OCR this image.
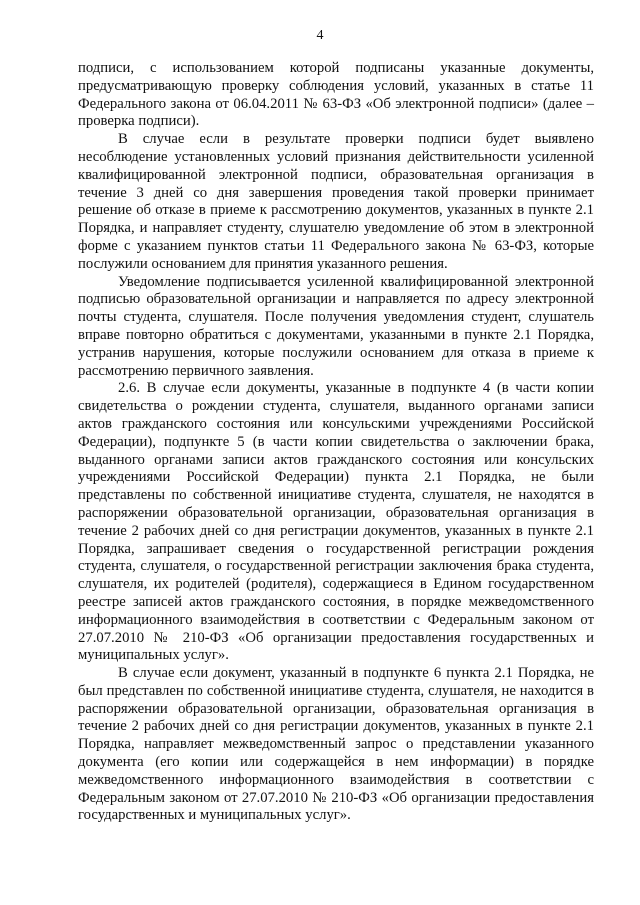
4

подписи, с использованием которой подписаны указанные документы, предусматривающую проверку соблюдения условий, указанных в статье 11 Федерального закона от 06.04.2011 № 63-ФЗ «Об электронной подписи» (далее – проверка подписи).

В случае если в результате проверки подписи будет выявлено несоблюдение установленных условий признания действительности усиленной квалифицированной электронной подписи, образовательная организация в течение 3 дней со дня завершения проведения такой проверки принимает решение об отказе в приеме к рассмотрению документов, указанных в пункте 2.1 Порядка, и направляет студенту, слушателю уведомление об этом в электронной форме с указанием пунктов статьи 11 Федерального закона № 63-ФЗ, которые послужили основанием для принятия указанного решения.

Уведомление подписывается усиленной квалифицированной электронной подписью образовательной организации и направляется по адресу электронной почты студента, слушателя. После получения уведомления студент, слушатель вправе повторно обратиться с документами, указанными в пункте 2.1 Порядка, устранив нарушения, которые послужили основанием для отказа в приеме к рассмотрению первичного заявления.

2.6. В случае если документы, указанные в подпункте 4 (в части копии свидетельства о рождении студента, слушателя, выданного органами записи актов гражданского состояния или консульскими учреждениями Российской Федерации), подпункте 5 (в части копии свидетельства о заключении брака, выданного органами записи актов гражданского состояния или консульских учреждениями Российской Федерации) пункта 2.1 Порядка, не были представлены по собственной инициативе студента, слушателя, не находятся в распоряжении образовательной организации, образовательная организация в течение 2 рабочих дней со дня регистрации документов, указанных в пункте 2.1 Порядка, запрашивает сведения о государственной регистрации рождения студента, слушателя, о государственной регистрации заключения брака студента, слушателя, их родителей (родителя), содержащиеся в Едином государственном реестре записей актов гражданского состояния, в порядке межведомственного информационного взаимодействия в соответствии с Федеральным законом от 27.07.2010 № 210-ФЗ «Об организации предоставления государственных и муниципальных услуг».

В случае если документ, указанный в подпункте 6 пункта 2.1 Порядка, не был представлен по собственной инициативе студента, слушателя, не находится в распоряжении образовательной организации, образовательная организация в течение 2 рабочих дней со дня регистрации документов, указанных в пункте 2.1 Порядка, направляет межведомственный запрос о представлении указанного документа (его копии или содержащейся в нем информации) в порядке межведомственного информационного взаимодействия в соответствии с Федеральным законом от 27.07.2010 № 210-ФЗ «Об организации предоставления государственных и муниципальных услуг».
